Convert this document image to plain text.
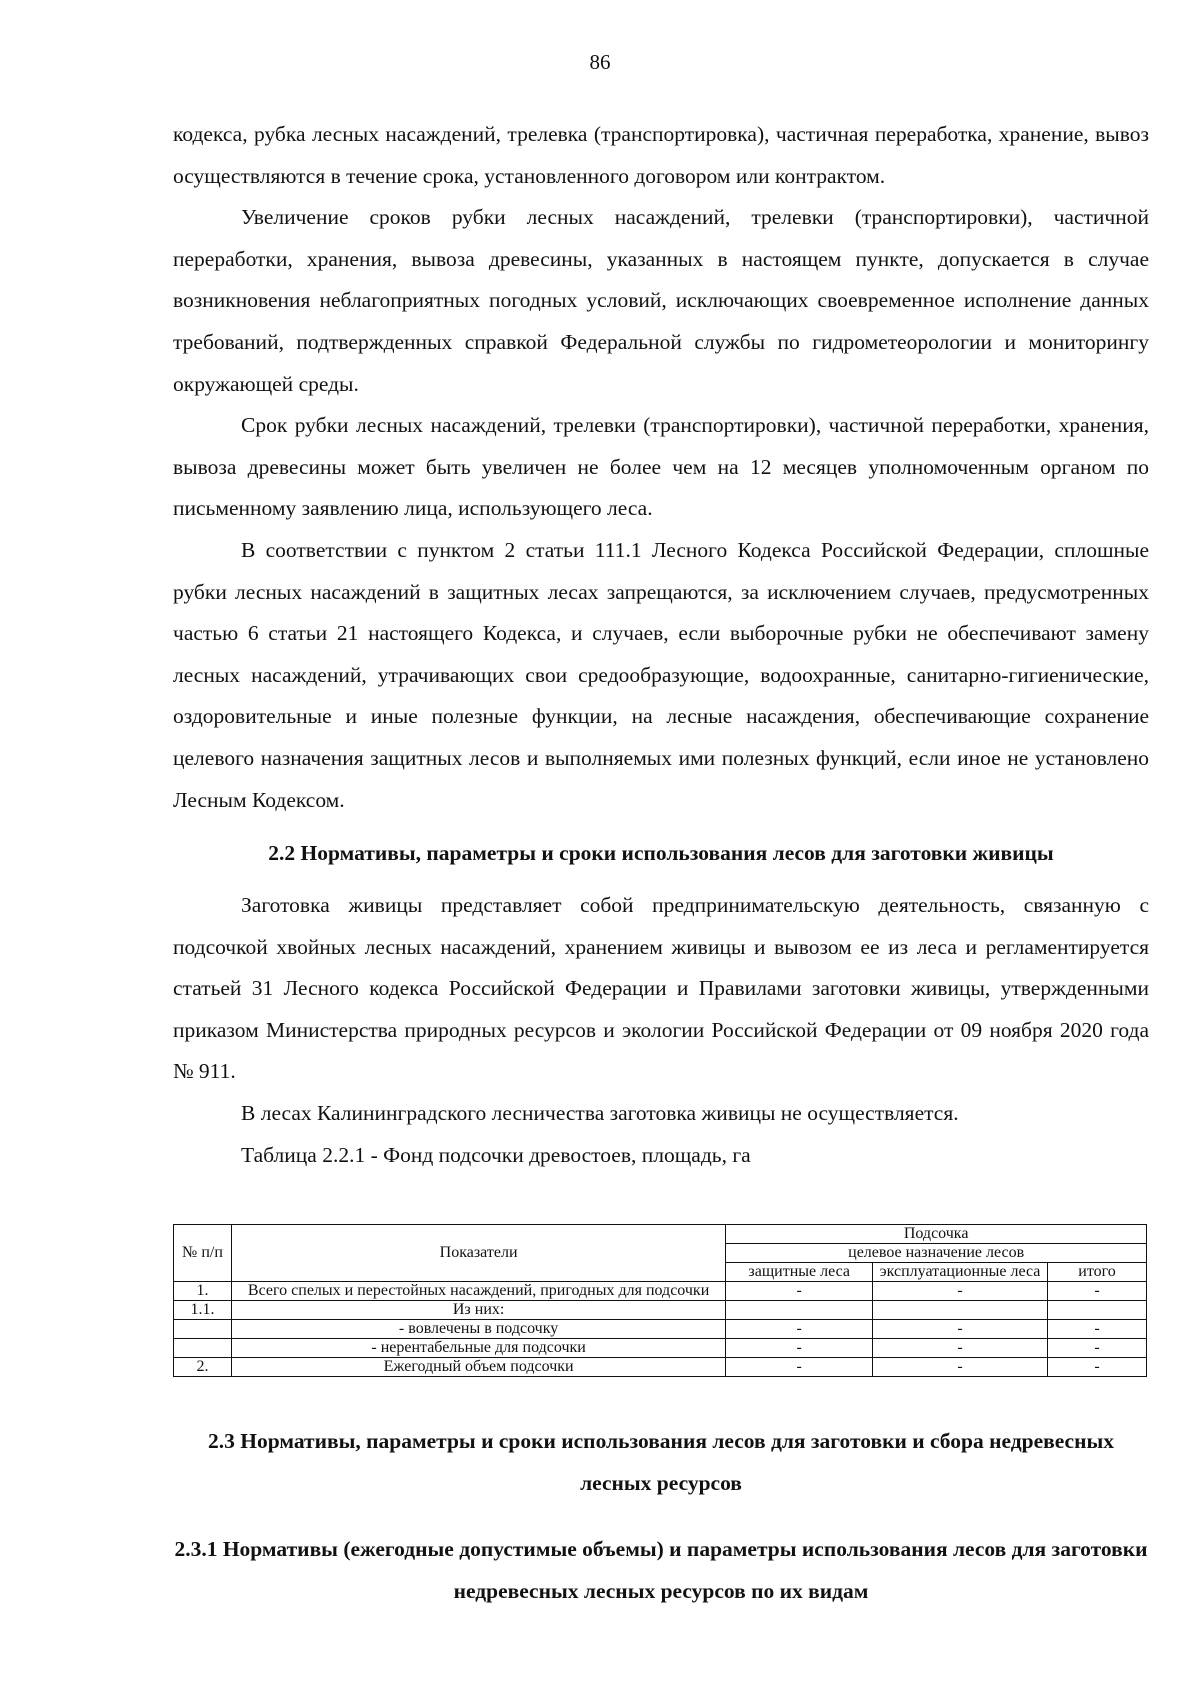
86

кодекса, рубка лесных насаждений, трелевка (транспортировка), частичная переработка, хранение, вывоз осуществляются в течение срока, установленного договором или контрактом.

Увеличение сроков рубки лесных насаждений, трелевки (транспортировки), частичной переработки, хранения, вывоза древесины, указанных в настоящем пункте, допускается в случае возникновения неблагоприятных погодных условий, исключающих своевременное исполнение данных требований, подтвержденных справкой Федеральной службы по гидрометеорологии и мониторингу окружающей среды.

Срок рубки лесных насаждений, трелевки (транспортировки), частичной переработки, хранения, вывоза древесины может быть увеличен не более чем на 12 месяцев уполномоченным органом по письменному заявлению лица, использующего леса.

В соответствии с пунктом 2 статьи 111.1 Лесного Кодекса Российской Федерации, сплошные рубки лесных насаждений в защитных лесах запрещаются, за исключением случаев, предусмотренных частью 6 статьи 21 настоящего Кодекса, и случаев, если выборочные рубки не обеспечивают замену лесных насаждений, утрачивающих свои средообразующие, водоохранные, санитарно-гигиенические, оздоровительные и иные полезные функции, на лесные насаждения, обеспечивающие сохранение целевого назначения защитных лесов и выполняемых ими полезных функций, если иное не установлено Лесным Кодексом.

2.2 Нормативы, параметры и сроки использования лесов для заготовки живицы

Заготовка живицы представляет собой предпринимательскую деятельность, связанную с подсочкой хвойных лесных насаждений, хранением живицы и вывозом ее из леса и регламентируется статьей 31 Лесного кодекса Российской Федерации и Правилами заготовки живицы, утвержденными приказом Министерства природных ресурсов и экологии Российской Федерации от 09 ноября 2020 года № 911.

В лесах Калининградского лесничества заготовка живицы не осуществляется.

Таблица 2.2.1 - Фонд подсочки древостоев, площадь, га

№ п/п	Показатели	Подсочка		
		целевое назначение лесов		
		защитные леса	эксплуатационные леса	итого
1.	Всего спелых и перестойных насаждений, пригодных для подсочки	-	-	-
1.1.	Из них:			
	- вовлечены в подсочку	-	-	-
	- нерентабельные для подсочки	-	-	-
2.	Ежегодный объем подсочки	-	-	-
2.3 Нормативы, параметры и сроки использования лесов для заготовки и сбора недревесных лесных ресурсов
2.3.1 Нормативы (ежегодные допустимые объемы) и параметры использования лесов для заготовки недревесных лесных ресурсов по их видам
